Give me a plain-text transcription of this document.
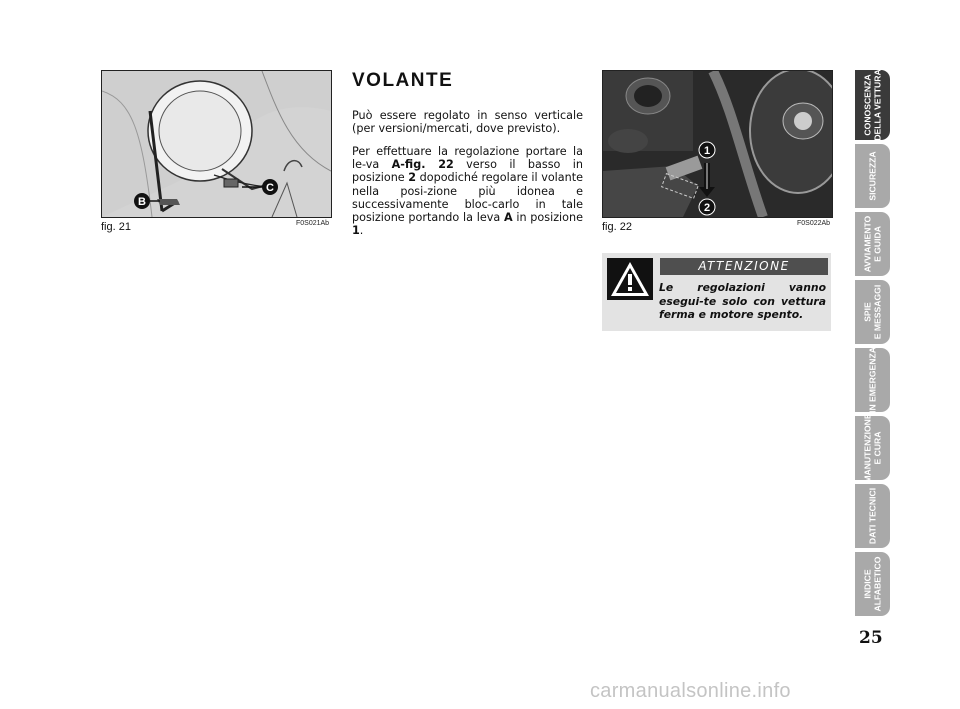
B
C
fig. 21	F0S021Ab
VOLANTE

Può essere regolato in senso verticale (per versioni/mercati, dove previsto).

Per effettuare la regolazione portare la le-va A-fig. 22 verso il basso in posizione 2 dopodiché regolare il volante nella posi-zione più idonea e successivamente bloc-carlo in tale posizione portando la leva A in posizione 1.

1
2
fig. 22	F0S022Ab
ATTENZIONE

Le regolazioni vanno esegui-te solo con vettura ferma e motore spento.

CONOSCENZA
DELLA VETTURA
SICUREZZA
AVVIAMENTO
E GUIDA
SPIE
E MESSAGGI
IN EMERGENZA
MANUTENZIONE
E CURA
DATI TECNICI
INDICE
ALFABETICO
25
carmanualsonline.info
